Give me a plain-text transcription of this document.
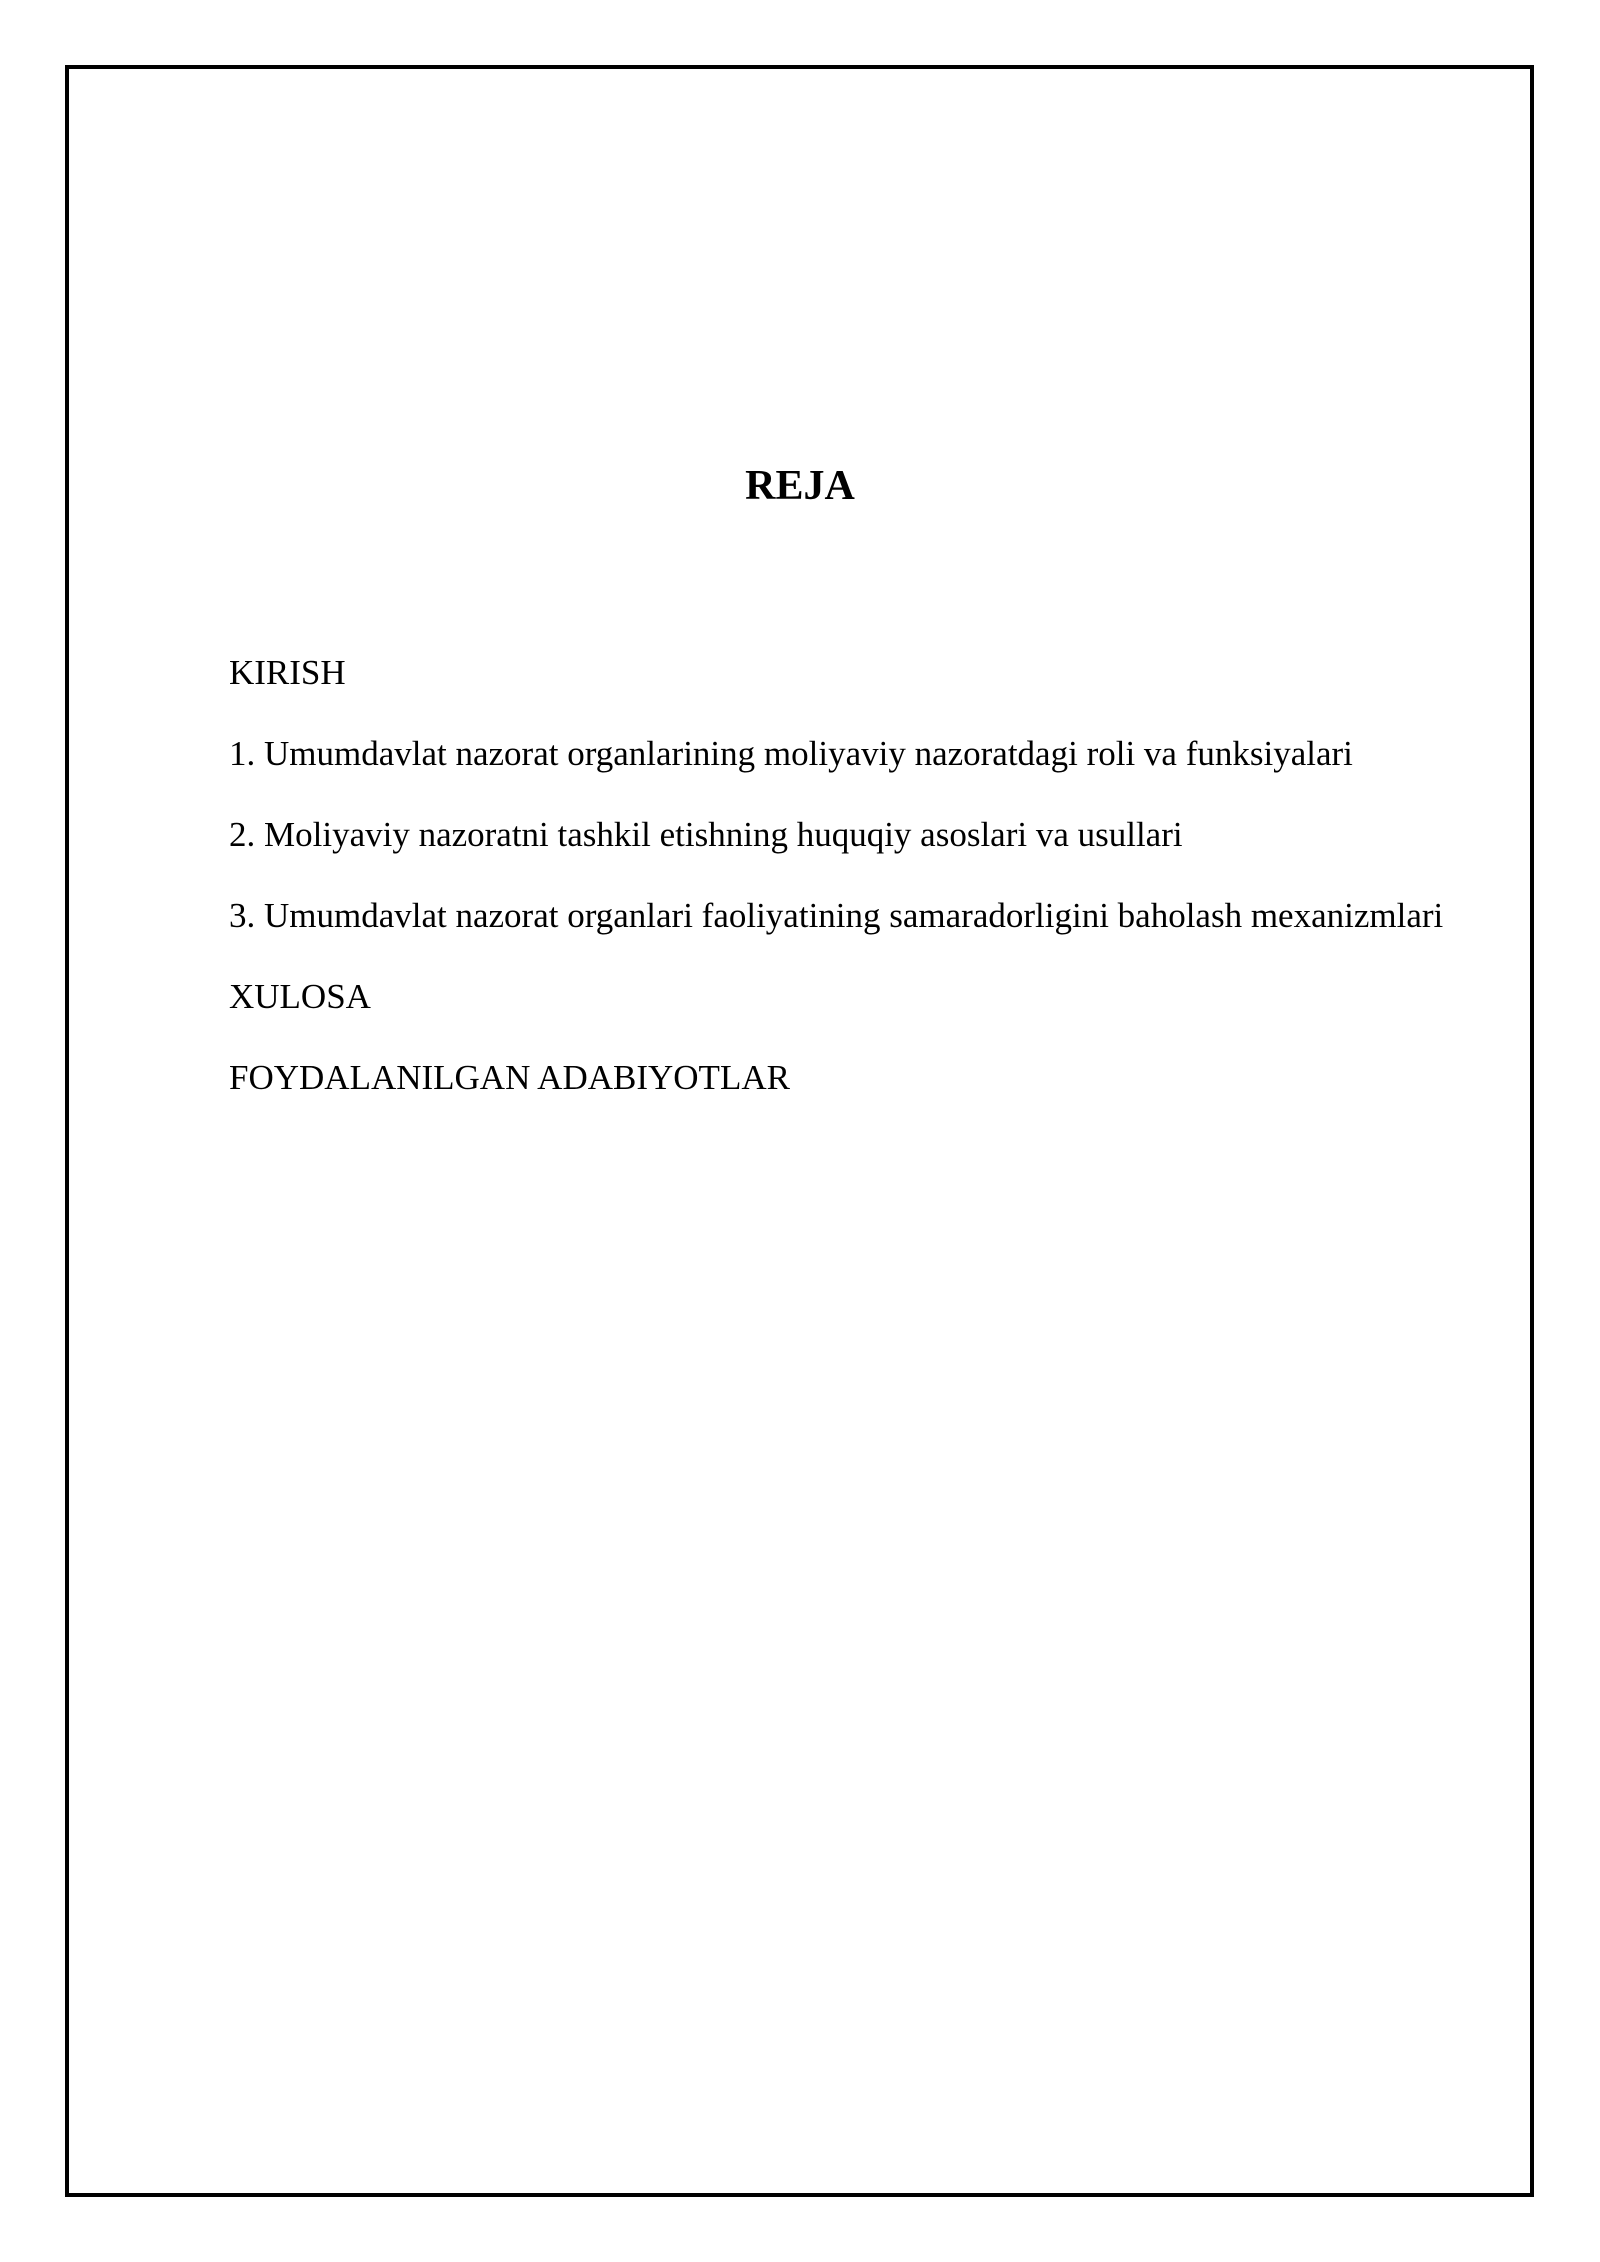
REJA

KIRISH

1. Umumdavlat nazorat organlarining moliyaviy nazoratdagi roli va funksiyalari

2. Moliyaviy nazoratni tashkil etishning huquqiy asoslari va usullari

3. Umumdavlat nazorat organlari faoliyatining samaradorligini baholash mexanizmlari

XULOSA

FOYDALANILGAN ADABIYOTLAR
